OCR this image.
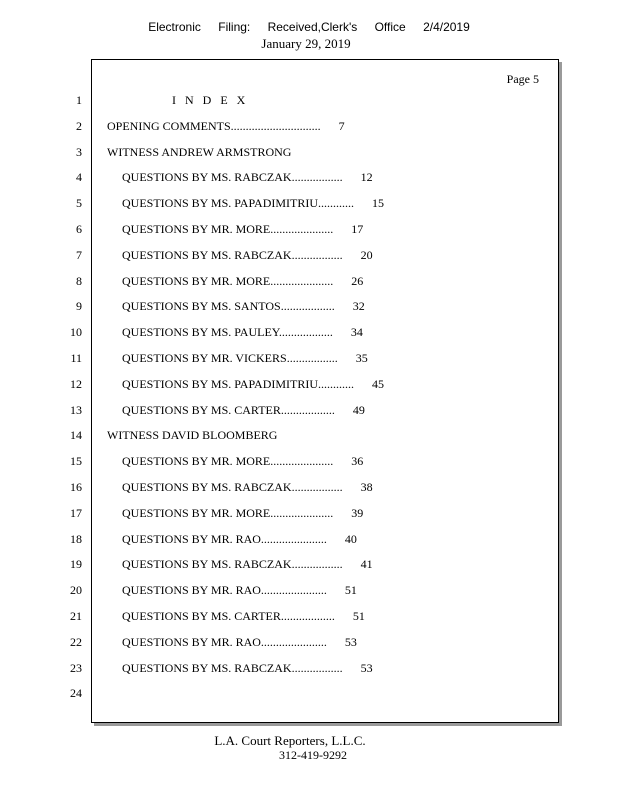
Electronic Filing: Received,Clerk's Office 2/4/2019
January 29, 2019
Page 5
1	I N D E X
2 OPENING COMMENTS..............................      7
3 WITNESS ANDREW ARMSTRONG
4	QUESTIONS BY MS. RABCZAK.................      12
5	QUESTIONS BY MS. PAPADIMITRIU............      15
6	QUESTIONS BY MR. MORE.....................      17
7	QUESTIONS BY MS. RABCZAK.................      20
8	QUESTIONS BY MR. MORE.....................      26
9	QUESTIONS BY MS. SANTOS..................      32
10	QUESTIONS BY MS. PAULEY..................      34
11	QUESTIONS BY MR. VICKERS.................      35
12	QUESTIONS BY MS. PAPADIMITRIU............      45
13	QUESTIONS BY MS. CARTER..................      49
14 WITNESS DAVID BLOOMBERG
15	QUESTIONS BY MR. MORE.....................      36
16	QUESTIONS BY MS. RABCZAK.................      38
17	QUESTIONS BY MR. MORE.....................      39
18	QUESTIONS BY MR. RAO......................      40
19	QUESTIONS BY MS. RABCZAK.................      41
20	QUESTIONS BY MR. RAO......................      51
21	QUESTIONS BY MS. CARTER..................      51
22	QUESTIONS BY MR. RAO......................      53
23	QUESTIONS BY MS. RABCZAK.................      53
24
L.A. Court Reporters, L.L.C.
312-419-9292
